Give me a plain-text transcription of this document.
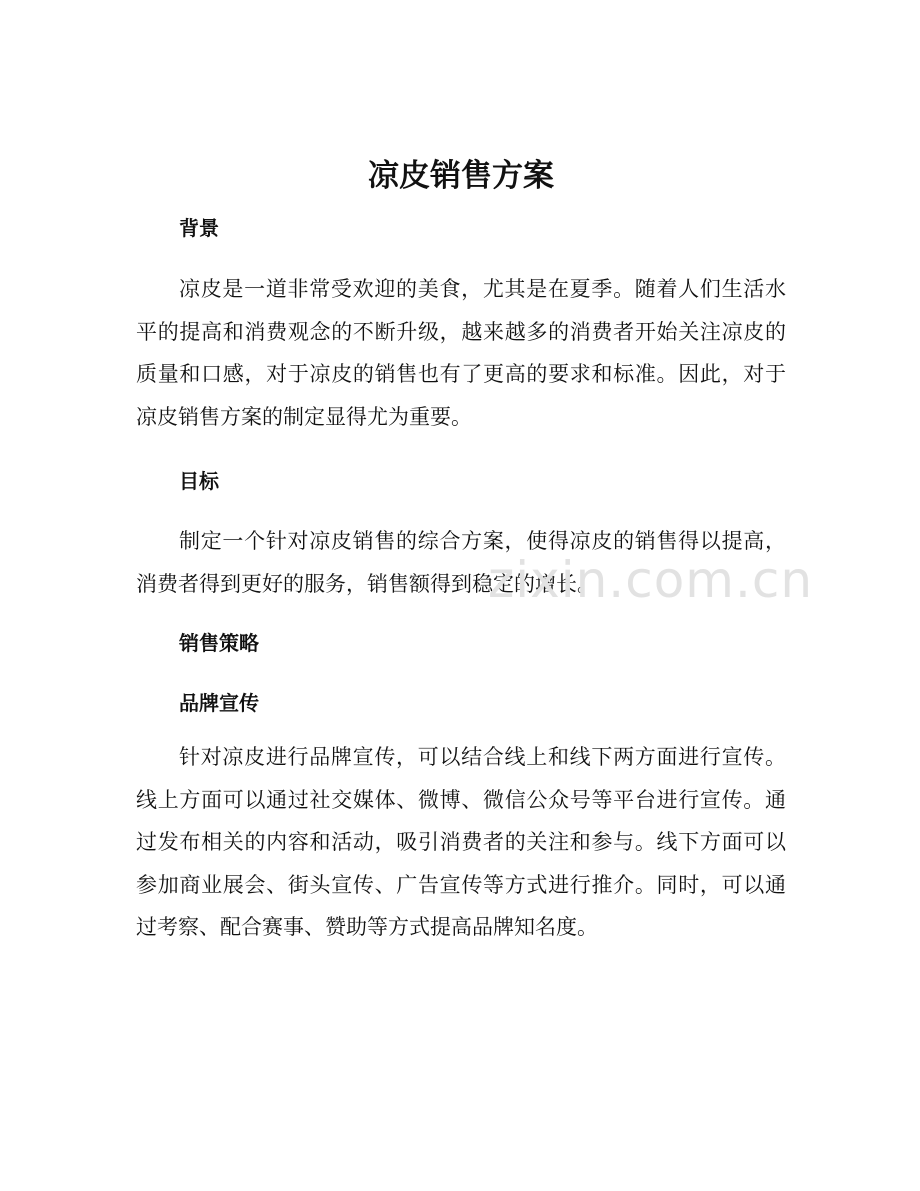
凉皮销售方案
背景

凉皮是一道非常受欢迎的美食，尤其是在夏季。随着人们生活水平的提高和消费观念的不断升级，越来越多的消费者开始关注凉皮的质量和口感，对于凉皮的销售也有了更高的要求和标准。因此，对于凉皮销售方案的制定显得尤为重要。

目标

制定一个针对凉皮销售的综合方案，使得凉皮的销售得以提高，消费者得到更好的服务，销售额得到稳定的增长。

销售策略
品牌宣传

针对凉皮进行品牌宣传，可以结合线上和线下两方面进行宣传。线上方面可以通过社交媒体、微博、微信公众号等平台进行宣传。通过发布相关的内容和活动，吸引消费者的关注和参与。线下方面可以参加商业展会、街头宣传、广告宣传等方式进行推介。同时，可以通过考察、配合赛事、赞助等方式提高品牌知名度。

zixin.com.cn
